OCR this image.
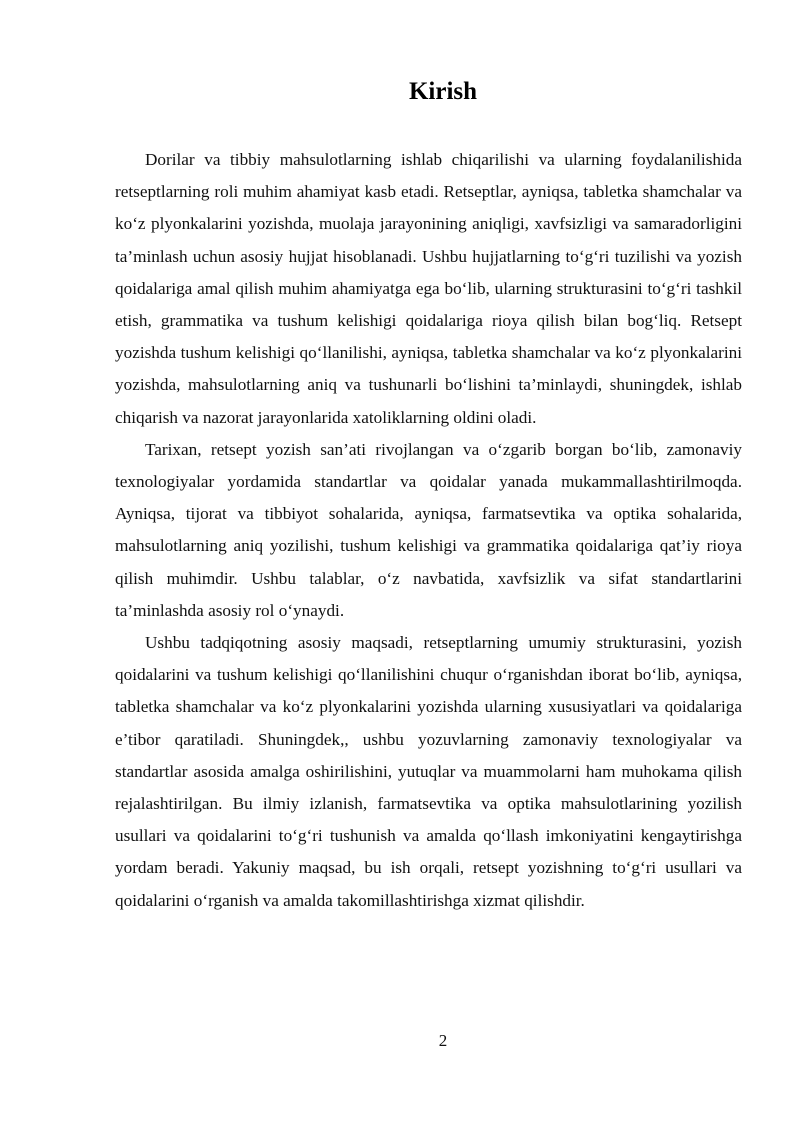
Kirish

Dorilar va tibbiy mahsulotlarning ishlab chiqarilishi va ularning foydalanilishida retseptlarning roli muhim ahamiyat kasb etadi. Retseptlar, ayniqsa, tabletka shamchalar va ko‘z plyonkalarini yozishda, muolaja jarayonining aniqligi, xavfsizligi va samaradorligini ta’minlash uchun asosiy hujjat hisoblanadi. Ushbu hujjatlarning to‘g‘ri tuzilishi va yozish qoidalariga amal qilish muhim ahamiyatga ega bo‘lib, ularning strukturasini to‘g‘ri tashkil etish, grammatika va tushum kelishigi qoidalariga rioya qilish bilan bog‘liq. Retsept yozishda tushum kelishigi qo‘llanilishi, ayniqsa, tabletka shamchalar va ko‘z plyonkalarini yozishda, mahsulotlarning aniq va tushunarli bo‘lishini ta’minlaydi, shuningdek, ishlab chiqarish va nazorat jarayonlarida xatoliklarning oldini oladi.

Tarixan, retsept yozish san’ati rivojlangan va o‘zgarib borgan bo‘lib, zamonaviy texnologiyalar yordamida standartlar va qoidalar yanada mukammallashtirilmoqda. Ayniqsa, tijorat va tibbiyot sohalarida, ayniqsa, farmatsevtika va optika sohalarida, mahsulotlarning aniq yozilishi, tushum kelishigi va grammatika qoidalariga qat’iy rioya qilish muhimdir. Ushbu talablar, o‘z navbatida, xavfsizlik va sifat standartlarini ta’minlashda asosiy rol o‘ynaydi.

Ushbu tadqiqotning asosiy maqsadi, retseptlarning umumiy strukturasini, yozish qoidalarini va tushum kelishigi qo‘llanilishini chuqur o‘rganishdan iborat bo‘lib, ayniqsa, tabletka shamchalar va ko‘z plyonkalarini yozishda ularning xususiyatlari va qoidalariga e’tibor qaratiladi. Shuningdek,, ushbu yozuvlarning zamonaviy texnologiyalar va standartlar asosida amalga oshirilishini, yutuqlar va muammolarni ham muhokama qilish rejalashtirilgan. Bu ilmiy izlanish, farmatsevtika va optika mahsulotlarining yozilish usullari va qoidalarini to‘g‘ri tushunish va amalda qo‘llash imkoniyatini kengaytirishga yordam beradi. Yakuniy maqsad, bu ish orqali, retsept yozishning to‘g‘ri usullari va qoidalarini o‘rganish va amalda takomillashtirishga xizmat qilishdir.

2
